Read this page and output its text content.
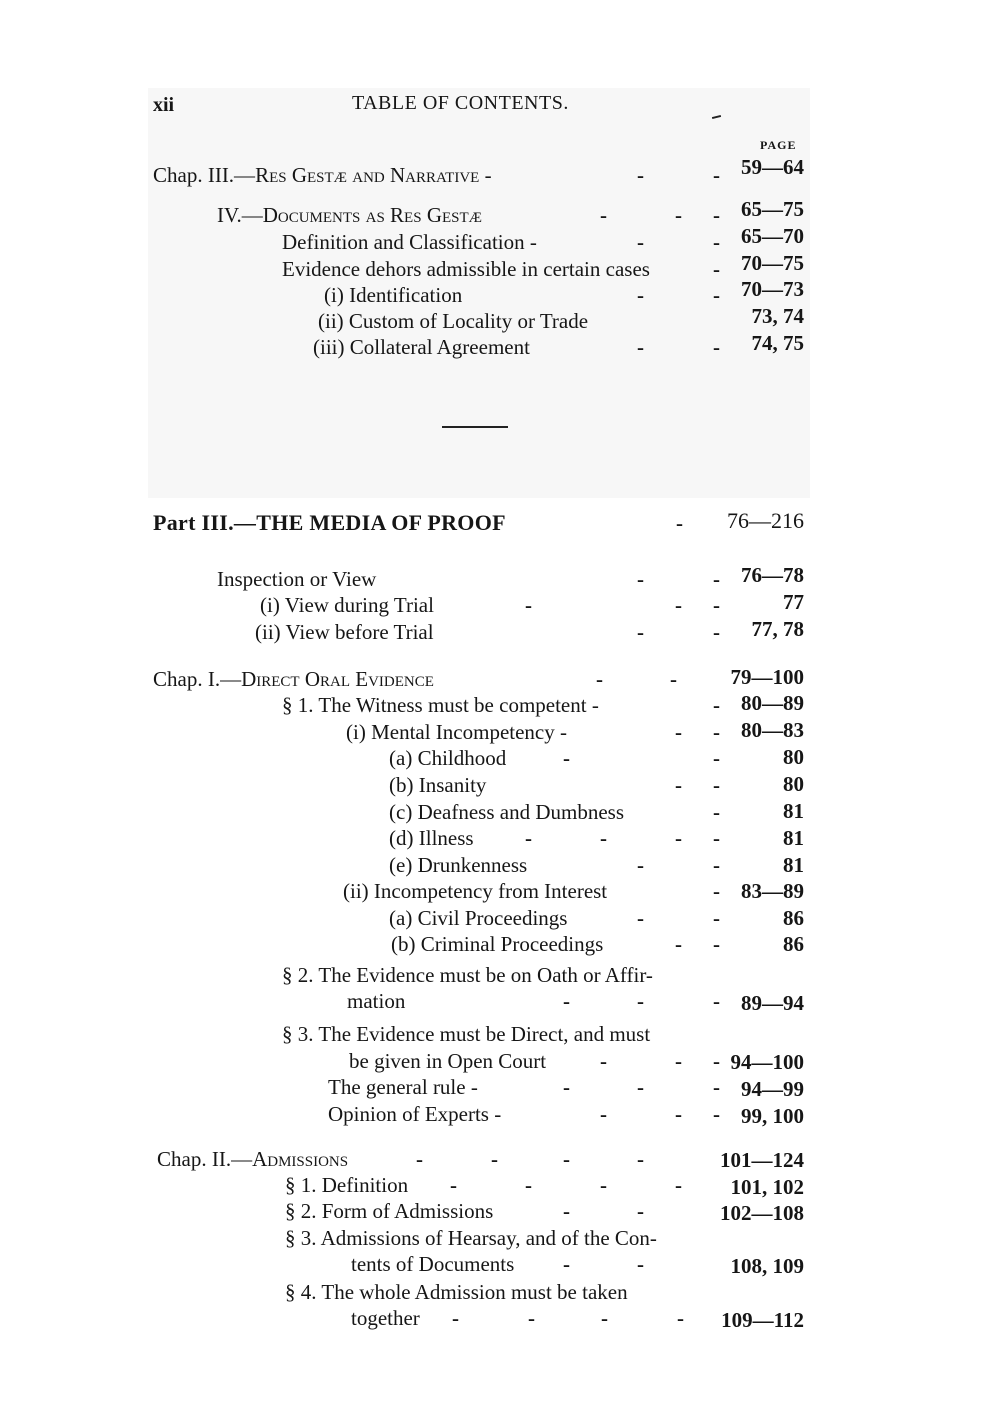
xii	TABLE OF CONTENTS.
PAGE
Chap. III.—Res Gestæ and Narrative -	-	- 59—64
IV.—Documents as Res Gestæ	-	- - 65—75
Definition and Classification -	-	- 65—70
Evidence dehors admissible in certain cases	- 70—75
(i) Identification	-	- 70—73
(ii) Custom of Locality or Trade	73, 74
(iii) Collateral Agreement	-	- 74, 75
Part III.—THE MEDIA OF PROOF	- 76—216
Inspection or View	-	- 76—78
(i) View during Trial	-	- -	77
(ii) View before Trial	-	- 77, 78
Chap. I.—Direct Oral Evidence	-	-	79—100
§ 1. The Witness must be competent -	- 80—89
(i) Mental Incompetency -	- - 80—83
(a) Childhood	-	-	80
(b) Insanity	- -	80
(c) Deafness and Dumbness	-	81
(d) Illness -	-	- -	81
(e) Drunkenness	-	-	81
(ii) Incompetency from Interest	- 83—89
(a) Civil Proceedings	-	-	86
(b) Criminal Proceedings	- -	86
§ 2. The Evidence must be on Oath or Affir-
mation	-	-	- 89—94
§ 3. The Evidence must be Direct, and must
be given in Open Court	-	- - 94—100
The general rule -	-	-	- 94—99
Opinion of Experts -	-	- - 99, 100
Chap. II.—Admissions	-	-	-	-	101—124
§ 1. Definition -	-	-	- 101, 102
§ 2. Form of Admissions	-	-	102—108
§ 3. Admissions of Hearsay, and of the Con-
tents of Documents -	-	108, 109
§ 4. The whole Admission must be taken
together -	-	-	- 109—112
